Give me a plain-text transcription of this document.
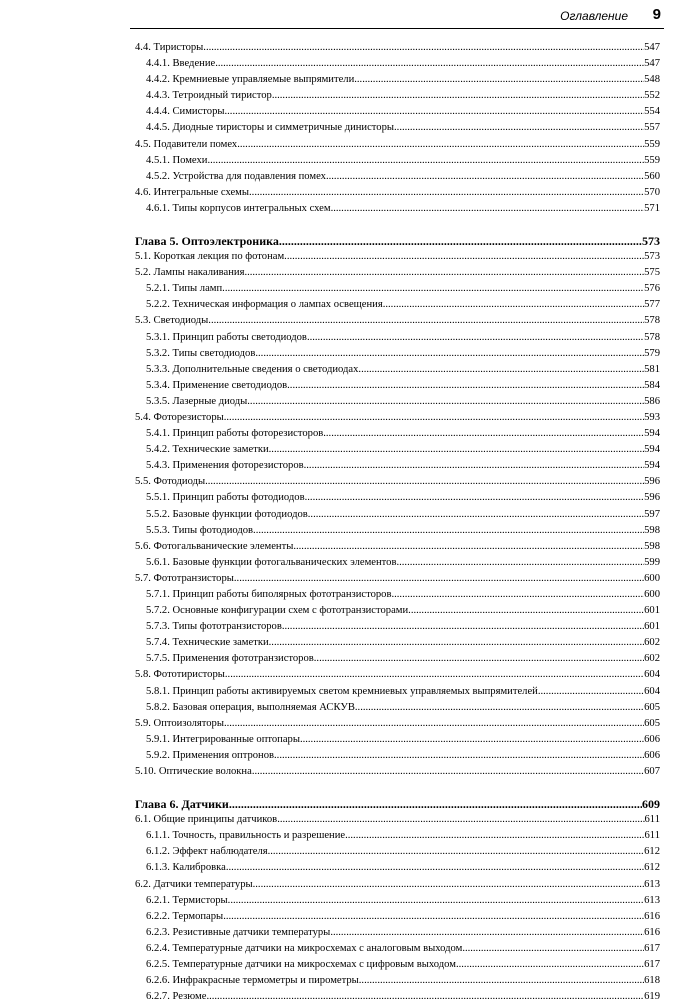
Оглавление 9
4.4. Тиристоры .....	547
4.4.1. Введение .....	547
4.4.2. Кремниевые управляемые выпрямители .....	548
4.4.3. Тетроидный тиристор .....	552
4.4.4. Симисторы .....	554
4.4.5. Диодные тиристоры и симметричные динисторы .....	557
4.5. Подавители помех .....	559
4.5.1. Помехи .....	559
4.5.2. Устройства для подавления помех .....	560
4.6. Интегральные схемы .....	570
4.6.1. Типы корпусов интегральных схем .....	571
Глава 5. Оптоэлектроника .....	573
5.1. Короткая лекция по фотонам .....	573
5.2. Лампы накаливания .....	575
5.2.1. Типы ламп .....	576
5.2.2. Техническая информация о лампах освещения .....	577
5.3. Светодиоды .....	578
5.3.1. Принцип работы светодиодов .....	578
5.3.2. Типы светодиодов .....	579
5.3.3. Дополнительные сведения о светодиодах .....	581
5.3.4. Применение светодиодов .....	584
5.3.5. Лазерные диоды .....	586
5.4. Фоторезисторы .....	593
5.4.1. Принцип работы фоторезисторов .....	594
5.4.2. Технические заметки .....	594
5.4.3. Применения фоторезисторов .....	594
5.5. Фотодиоды .....	596
5.5.1. Принцип работы фотодиодов .....	596
5.5.2. Базовые функции фотодиодов .....	597
5.5.3. Типы фотодиодов .....	598
5.6. Фотогальванические элементы .....	598
5.6.1. Базовые функции фотогальванических элементов .....	599
5.7. Фототранзисторы .....	600
5.7.1. Принцип работы биполярных фототранзисторов .....	600
5.7.2. Основные конфигурации схем с фототранзисторами .....	601
5.7.3. Типы фототранзисторов .....	601
5.7.4. Технические заметки .....	602
5.7.5. Применения фототранзисторов .....	602
5.8. Фототиристоры .....	604
5.8.1. Принцип работы активируемых светом кремниевых управляемых выпрямителей .....	604
5.8.2. Базовая операция, выполняемая АСКУВ .....	605
5.9. Оптоизоляторы .....	605
5.9.1. Интегрированные оптопары .....	606
5.9.2. Применения оптронов .....	606
5.10. Оптические волокна .....	607
Глава 6. Датчики .....	609
6.1. Общие принципы датчиков .....	611
6.1.1. Точность, правильность и разрешение .....	611
6.1.2. Эффект наблюдателя .....	612
6.1.3. Калибровка .....	612
6.2. Датчики температуры .....	613
6.2.1. Термисторы .....	613
6.2.2. Термопары .....	616
6.2.3. Резистивные датчики температуры .....	616
6.2.4. Температурные датчики на микросхемах с аналоговым выходом .....	617
6.2.5. Температурные датчики на микросхемах с цифровым выходом .....	617
6.2.6. Инфракрасные термометры и пирометры .....	618
6.2.7. Резюме .....	619
